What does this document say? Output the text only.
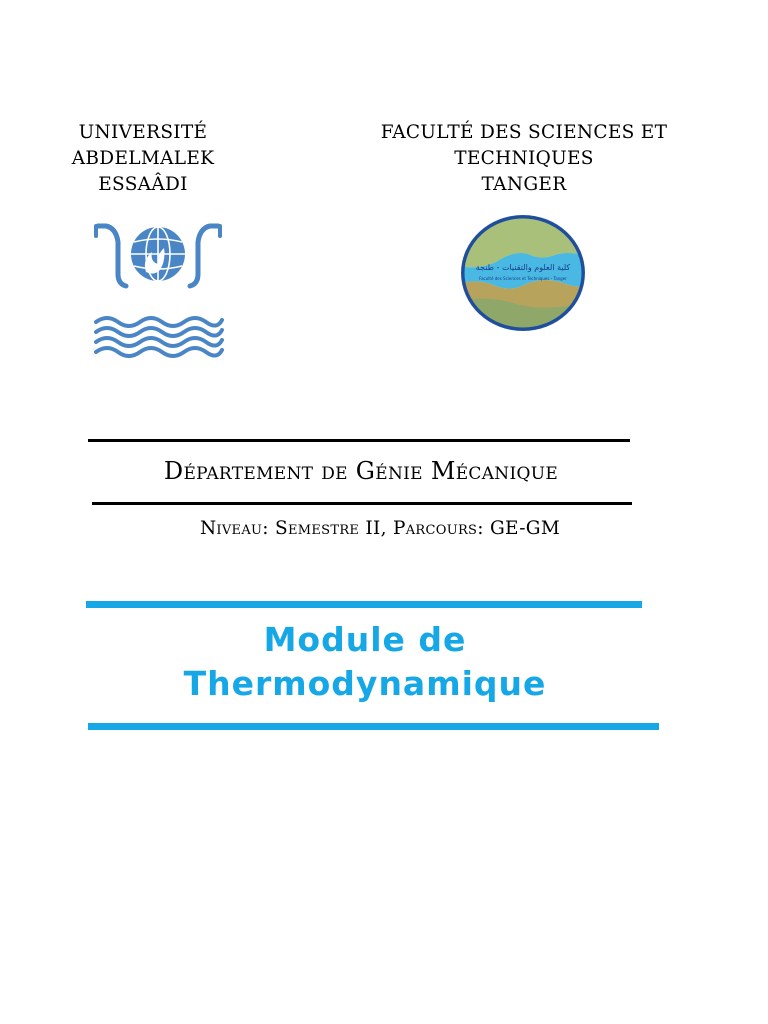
UNIVERSITÉ
ABDELMALEK
ESSAÂDI
FACULTÉ DES SCIENCES ET
TECHNIQUES
TANGER
كلية العلوم والتقنيات - طنجة
Faculté des Sciences et Techniques - Tanger
Département de Génie Mécanique
Niveau: Semestre II, Parcours: GE-GM
Module de
Thermodynamique
